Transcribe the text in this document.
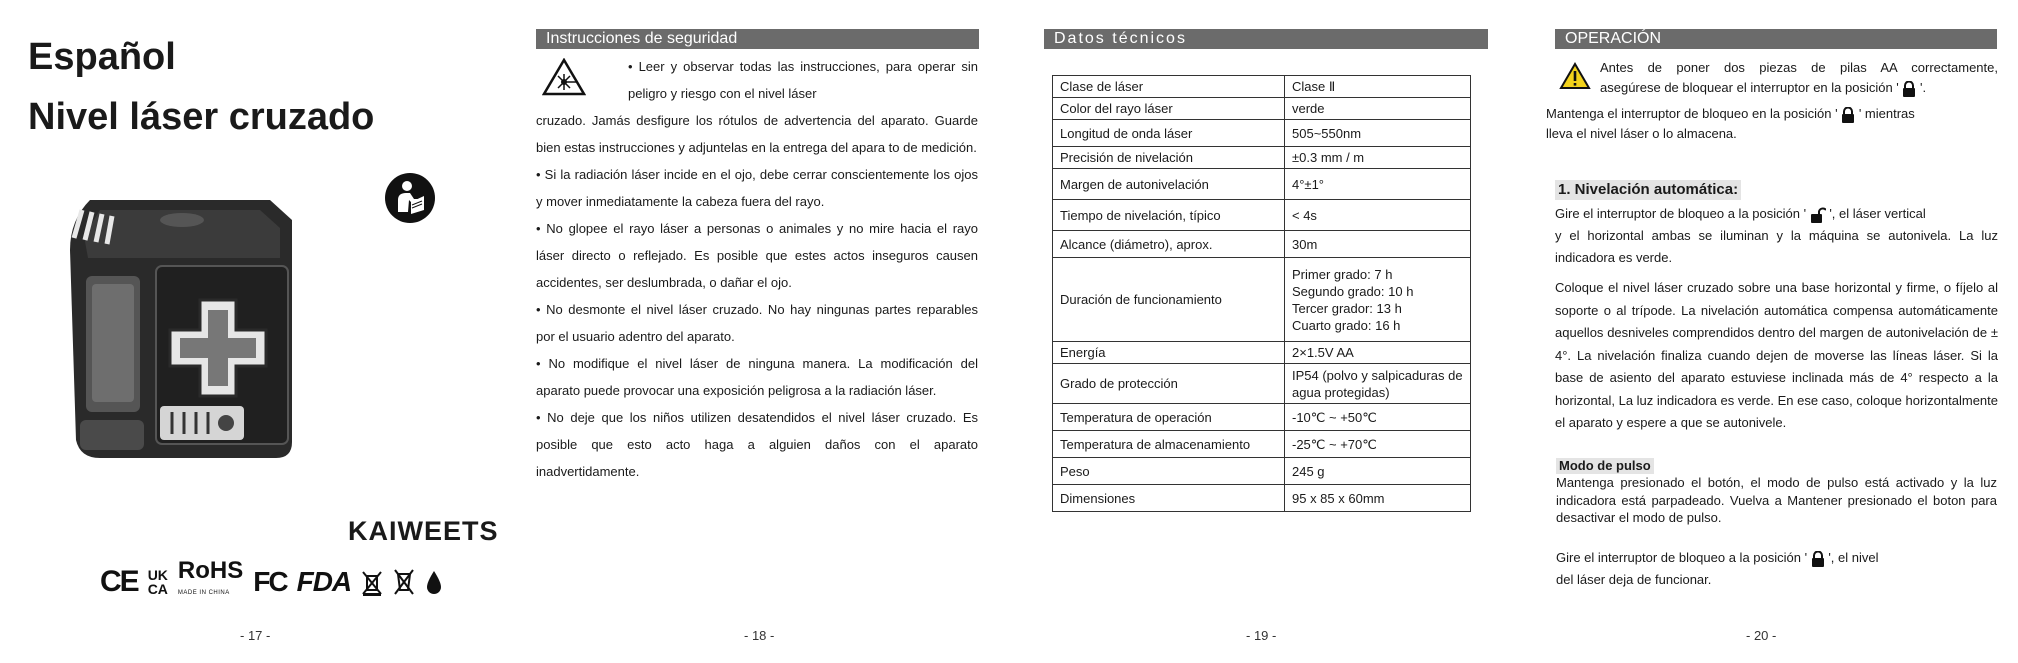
Español
Nivel láser cruzado
KAIWEETS
CE UK
CA
RoHS
MADE IN CHINA FC FDA
- 17 -
Instrucciones de seguridad
• Leer y observar todas las instrucciones, para operar sin peligro y riesgo con el nivel láser

cruzado. Jamás desfigure los rótulos de advertencia del aparato. Guarde bien estas instrucciones y adjuntelas en la entrega del apara to de medición.

• Si la radiación láser incide en el ojo, debe cerrar conscientemente los ojos y mover inmediatamente la cabeza fuera del rayo.

• No glopee el rayo láser a personas o animales y no mire hacia el rayo láser directo o reflejado. Es posible que estes actos inseguros causen accidentes, ser deslumbrada, o dañar el ojo.

• No desmonte el nivel láser cruzado. No hay ningunas partes reparables por el usuario adentro del aparato.

• No modifique el nivel láser de ninguna manera. La modificación del aparato puede provocar una exposición peligrosa a la radiación láser.

• No deje que los niños utilizen desatendidos el nivel láser cruzado. Es posible que esto acto haga a alguien daños con el aparato inadvertidamente.

- 18 -
Datos técnicos
Clase de láser	Clase Ⅱ
Color del rayo láser	verde
Longitud de onda láser	505~550nm
Precisión de nivelación	±0.3 mm / m
Margen de autonivelación	4°±1°
Tiempo de nivelación, típico	< 4s
Alcance (diámetro), aprox.	30m
Duración de funcionamiento	Primer grado: 7 h
Segundo grado: 10 h
Tercer grador: 13 h
Cuarto grado: 16 h
Energía	2×1.5V AA
Grado de protección	IP54 (polvo y salpicaduras de agua protegidas)
Temperatura de operación	-10℃ ~ +50℃
Temperatura de almacenamiento	-25℃ ~ +70℃
Peso	245 g
Dimensiones	95 x 85 x 60mm
- 19 -
OPERACIÓN
Antes de poner dos piezas de pilas AA correctamente,
asegúrese de bloquear el interruptor en la posición ' '.
Mantenga el interruptor de bloqueo en la posición ' ' mientras
lleva el nivel láser o lo almacena.
1. Nivelación automática:
Gire el interruptor de bloqueo a la posición ' ', el láser vertical
y el horizontal ambas se iluminan y la máquina se autonivela. La luz indicadora es verde.
Coloque el nivel láser cruzado sobre una base horizontal y firme, o fíjelo al soporte o al trípode. La nivelación automática compensa automáticamente aquellos desniveles comprendidos dentro del margen de autonivelación de ± 4°. La nivelación finaliza cuando dejen de moverse las líneas láser. Si la base de asiento del aparato estuviese inclinada más de 4° respecto a la horizontal, La luz indicadora es verde. En ese caso, coloque horizontalmente el aparato y espere a que se autonivele.
Modo de pulso
Mantenga presionado el botón, el modo de pulso está activado y la luz indicadora está parpadeado. Vuelva a Mantener presionado el boton para desactivar el modo de pulso.
Gire el interruptor de bloqueo a la posición ' ', el nivel
del láser deja de funcionar.
- 20 -
